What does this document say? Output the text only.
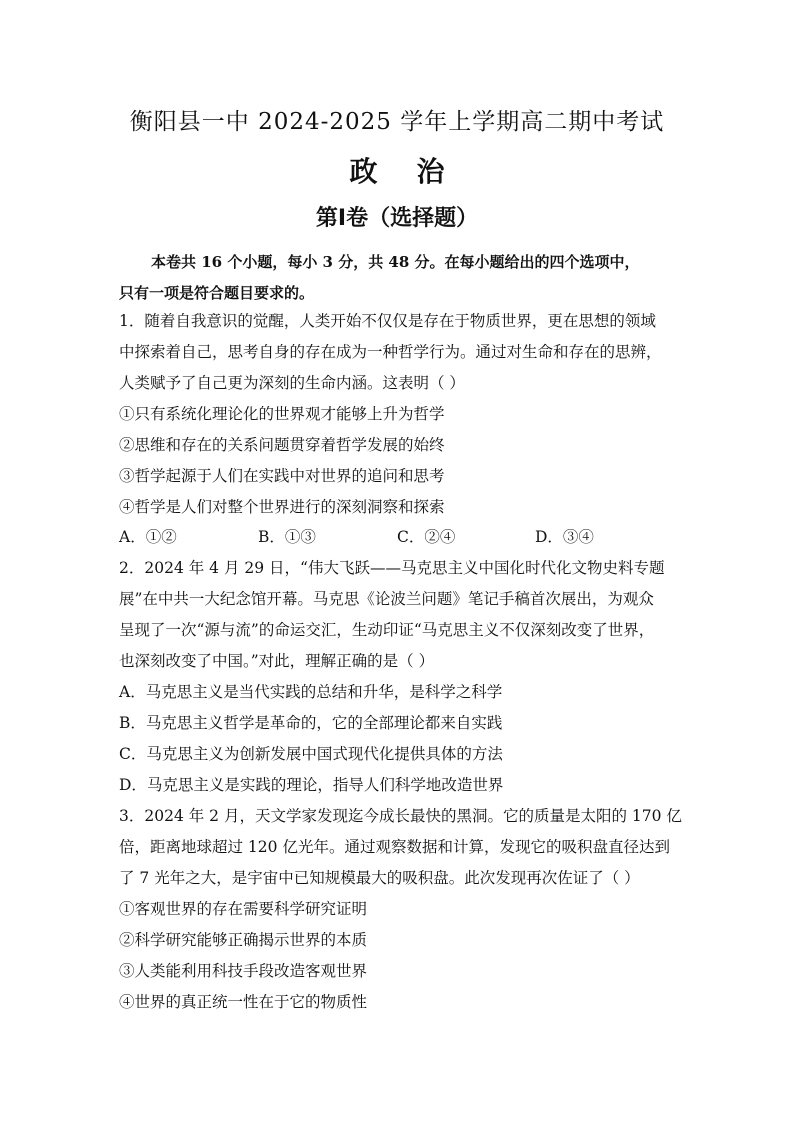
衡阳县一中 2024-2025 学年上学期高二期中考试
政    治
第Ⅰ卷（选择题）
本卷共 16 个小题，每小 3 分，共 48 分。在每小题给出的四个选项中，
只有一项是符合题目要求的。
1．随着自我意识的觉醒，人类开始不仅仅是存在于物质世界，更在思想的领域
中探索着自己，思考自身的存在成为一种哲学行为。通过对生命和存在的思辨，
人类赋予了自己更为深刻的生命内涵。这表明（ ）
①只有系统化理论化的世界观才能够上升为哲学
②思维和存在的关系问题贯穿着哲学发展的始终
③哲学起源于人们在实践中对世界的追问和思考
④哲学是人们对整个世界进行的深刻洞察和探索
A．①②	B．①③	C．②④	D．③④
2．2024 年 4 月 29 日，“伟大飞跃——马克思主义中国化时代化文物史料专题
展”在中共一大纪念馆开幕。马克思《论波兰问题》笔记手稿首次展出，为观众
呈现了一次“源与流”的命运交汇，生动印证“马克思主义不仅深刻改变了世界，
也深刻改变了中国。”对此，理解正确的是（ ）
A．马克思主义是当代实践的总结和升华，是科学之科学
B．马克思主义哲学是革命的，它的全部理论都来自实践
C．马克思主义为创新发展中国式现代化提供具体的方法
D．马克思主义是实践的理论，指导人们科学地改造世界
3．2024 年 2 月，天文学家发现迄今成长最快的黑洞。它的质量是太阳的 170 亿
倍，距离地球超过 120 亿光年。通过观察数据和计算，发现它的吸积盘直径达到
了 7 光年之大，是宇宙中已知规模最大的吸积盘。此次发现再次佐证了（ ）
①客观世界的存在需要科学研究证明
②科学研究能够正确揭示世界的本质
③人类能利用科技手段改造客观世界
④世界的真正统一性在于它的物质性
